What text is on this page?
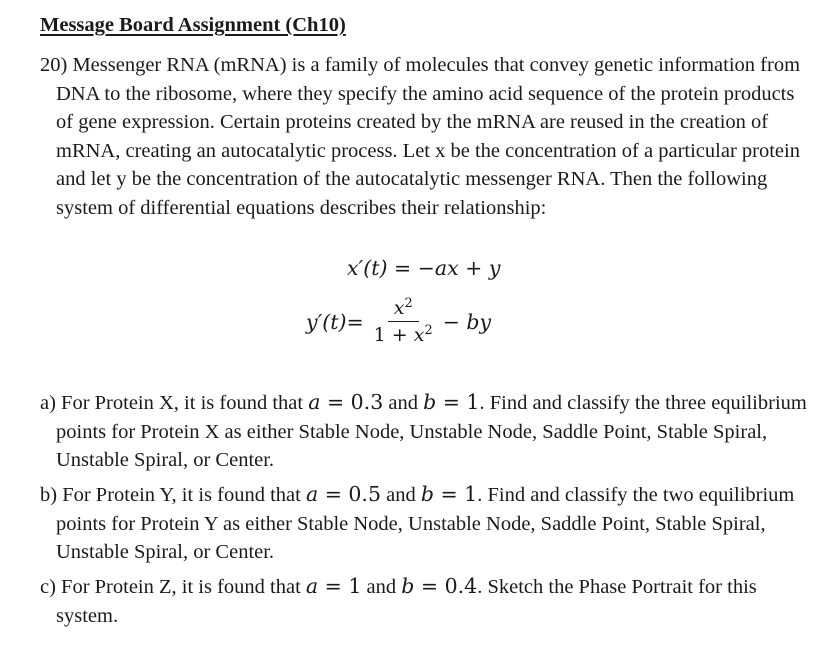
Message Board Assignment (Ch10)
20) Messenger RNA (mRNA) is a family of molecules that convey genetic information from DNA to the ribosome, where they specify the amino acid sequence of the protein products of gene expression. Certain proteins created by the mRNA are reused in the creation of mRNA, creating an autocatalytic process. Let x be the concentration of a particular protein and let y be the concentration of the autocatalytic messenger RNA. Then the following system of differential equations describes their relationship:
x′(t) = −ax + y
$y'(t) = \frac{x^2}{1 + x^2}$ − by
a) For Protein X, it is found that a = 0.3 and b = 1. Find and classify the three equilibrium points for Protein X as either Stable Node, Unstable Node, Saddle Point, Stable Spiral, Unstable Spiral, or Center.
b) For Protein Y, it is found that a = 0.5 and b = 1. Find and classify the two equilibrium points for Protein Y as either Stable Node, Unstable Node, Saddle Point, Stable Spiral, Unstable Spiral, or Center.
c) For Protein Z, it is found that a = 1 and b = 0.4. Sketch the Phase Portrait for this system.
